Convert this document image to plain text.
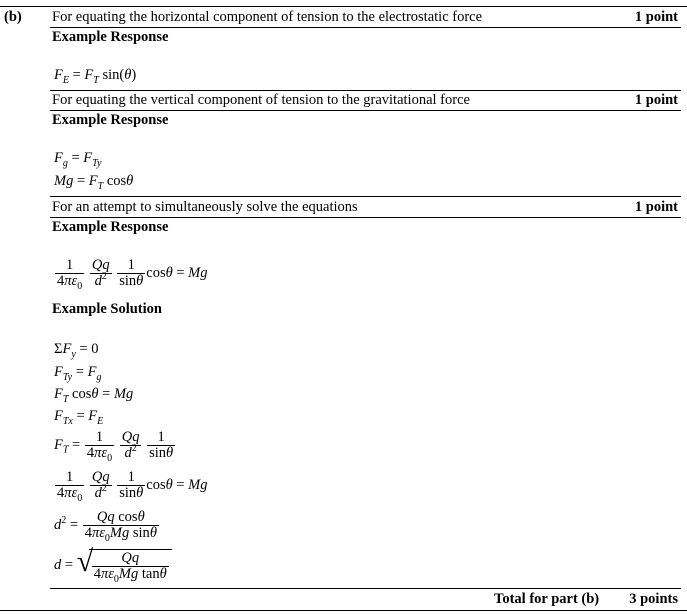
(b) For equating the horizontal component of tension to the electrostatic force	1 point
Example Response
$F_E = F_T$ sin(θ)
For equating the vertical component of tension to the gravitational force	1 point
Example Response
$F_g = F_{Ty}$
$Mg = F_T$ cosθ
For an attempt to simultaneously solve the equations	1 point
Example Response
$\frac{1}{4\pi\varepsilon_0}$
$\frac{Qq}{d^2}$
$\frac{1}{\sin\theta}$ cosθ = Mg
Example Solution
$\Sigma F_y = 0$
$F_{Ty} = F_g$
$F_T$ cosθ = Mg
$F_{Tx} = F_E$
$F_T = \frac{1}{4\pi\varepsilon_0}$
$\frac{Qq}{d^2}$
$\frac{1}{\sin\theta}$
$\frac{1}{4\pi\varepsilon_0}$
$\frac{Qq}{d^2}$
$\frac{1}{\sin\theta}$ cosθ = Mg
$d^2 = \frac{\text{Qq cosθ}}{4\pi\varepsilon_0Mg \sin\theta}$
d = √
$\frac{Qq}{4\pi\varepsilon_0Mg \tan\theta}$
Total for part (b) 3 points
